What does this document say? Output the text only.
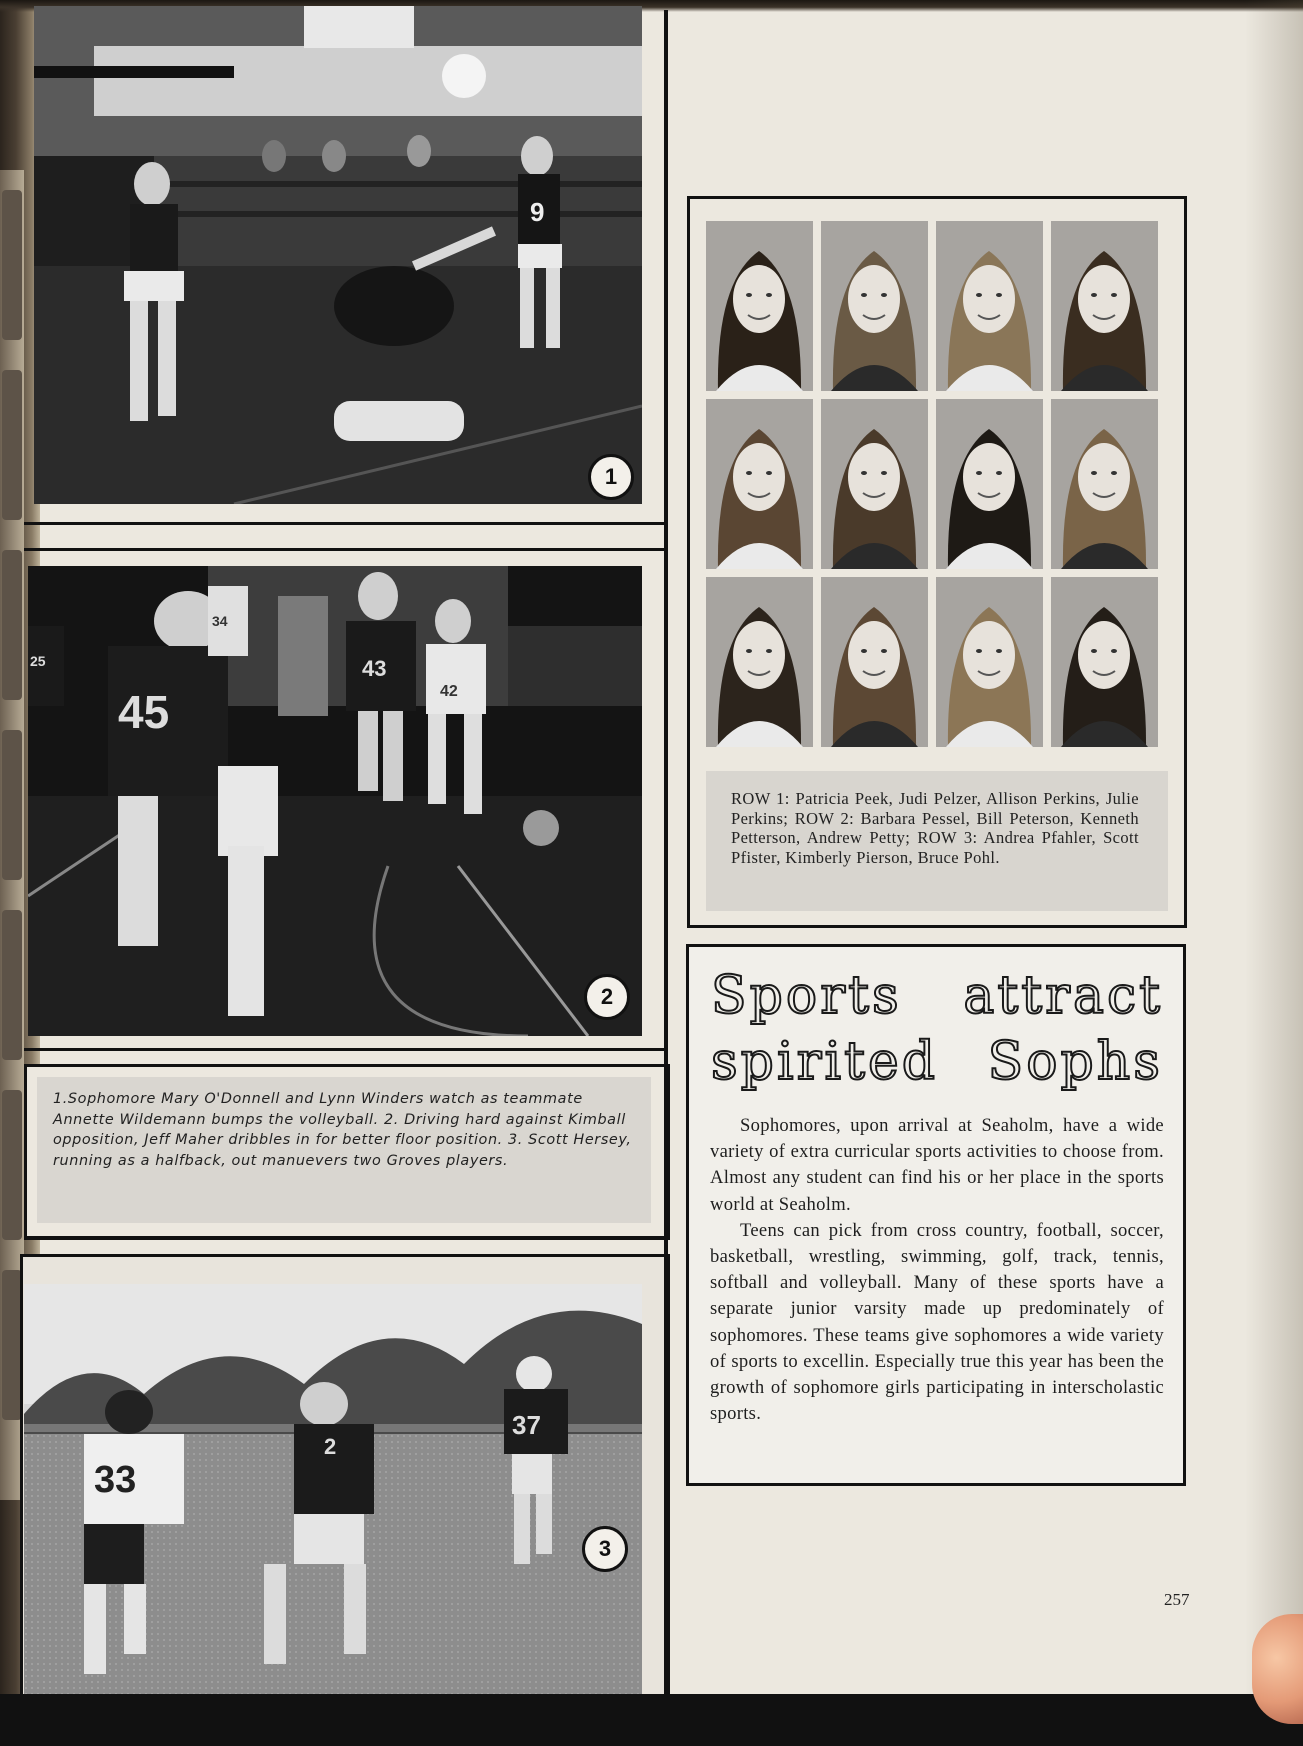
9
1
45
43
42
25
34
2
1.Sophomore Mary O'Donnell and Lynn Winders watch as teammate Annette Wildemann bumps the volleyball. 2. Driving hard against Kimball opposition, Jeff Maher dribbles in for better floor position. 3. Scott Hersey, running as a halfback, out manuevers two Groves players.
33
2
37
3
ROW 1: Patricia Peek, Judi Pelzer, Allison Perkins, Julie Perkins; ROW 2: Barbara Pessel, Bill Peterson, Kenneth Petterson, Andrew Petty; ROW 3: Andrea Pfahler, Scott Pfister, Kimberly Pierson, Bruce Pohl.
Sports attract spirited Sophs

Sophomores, upon arrival at Seaholm, have a wide variety of extra curricular sports activities to choose from. Almost any student can find his or her place in the sports world at Seaholm.

Teens can pick from cross country, football, soccer, basketball, wrestling, swimming, golf, track, tennis, softball and volleyball. Many of these sports have a separate junior varsity made up predominately of sophomores. These teams give sophomores a wide variety of sports to excellin. Especially true this year has been the growth of sophomore girls participating in interscholastic sports.

257
